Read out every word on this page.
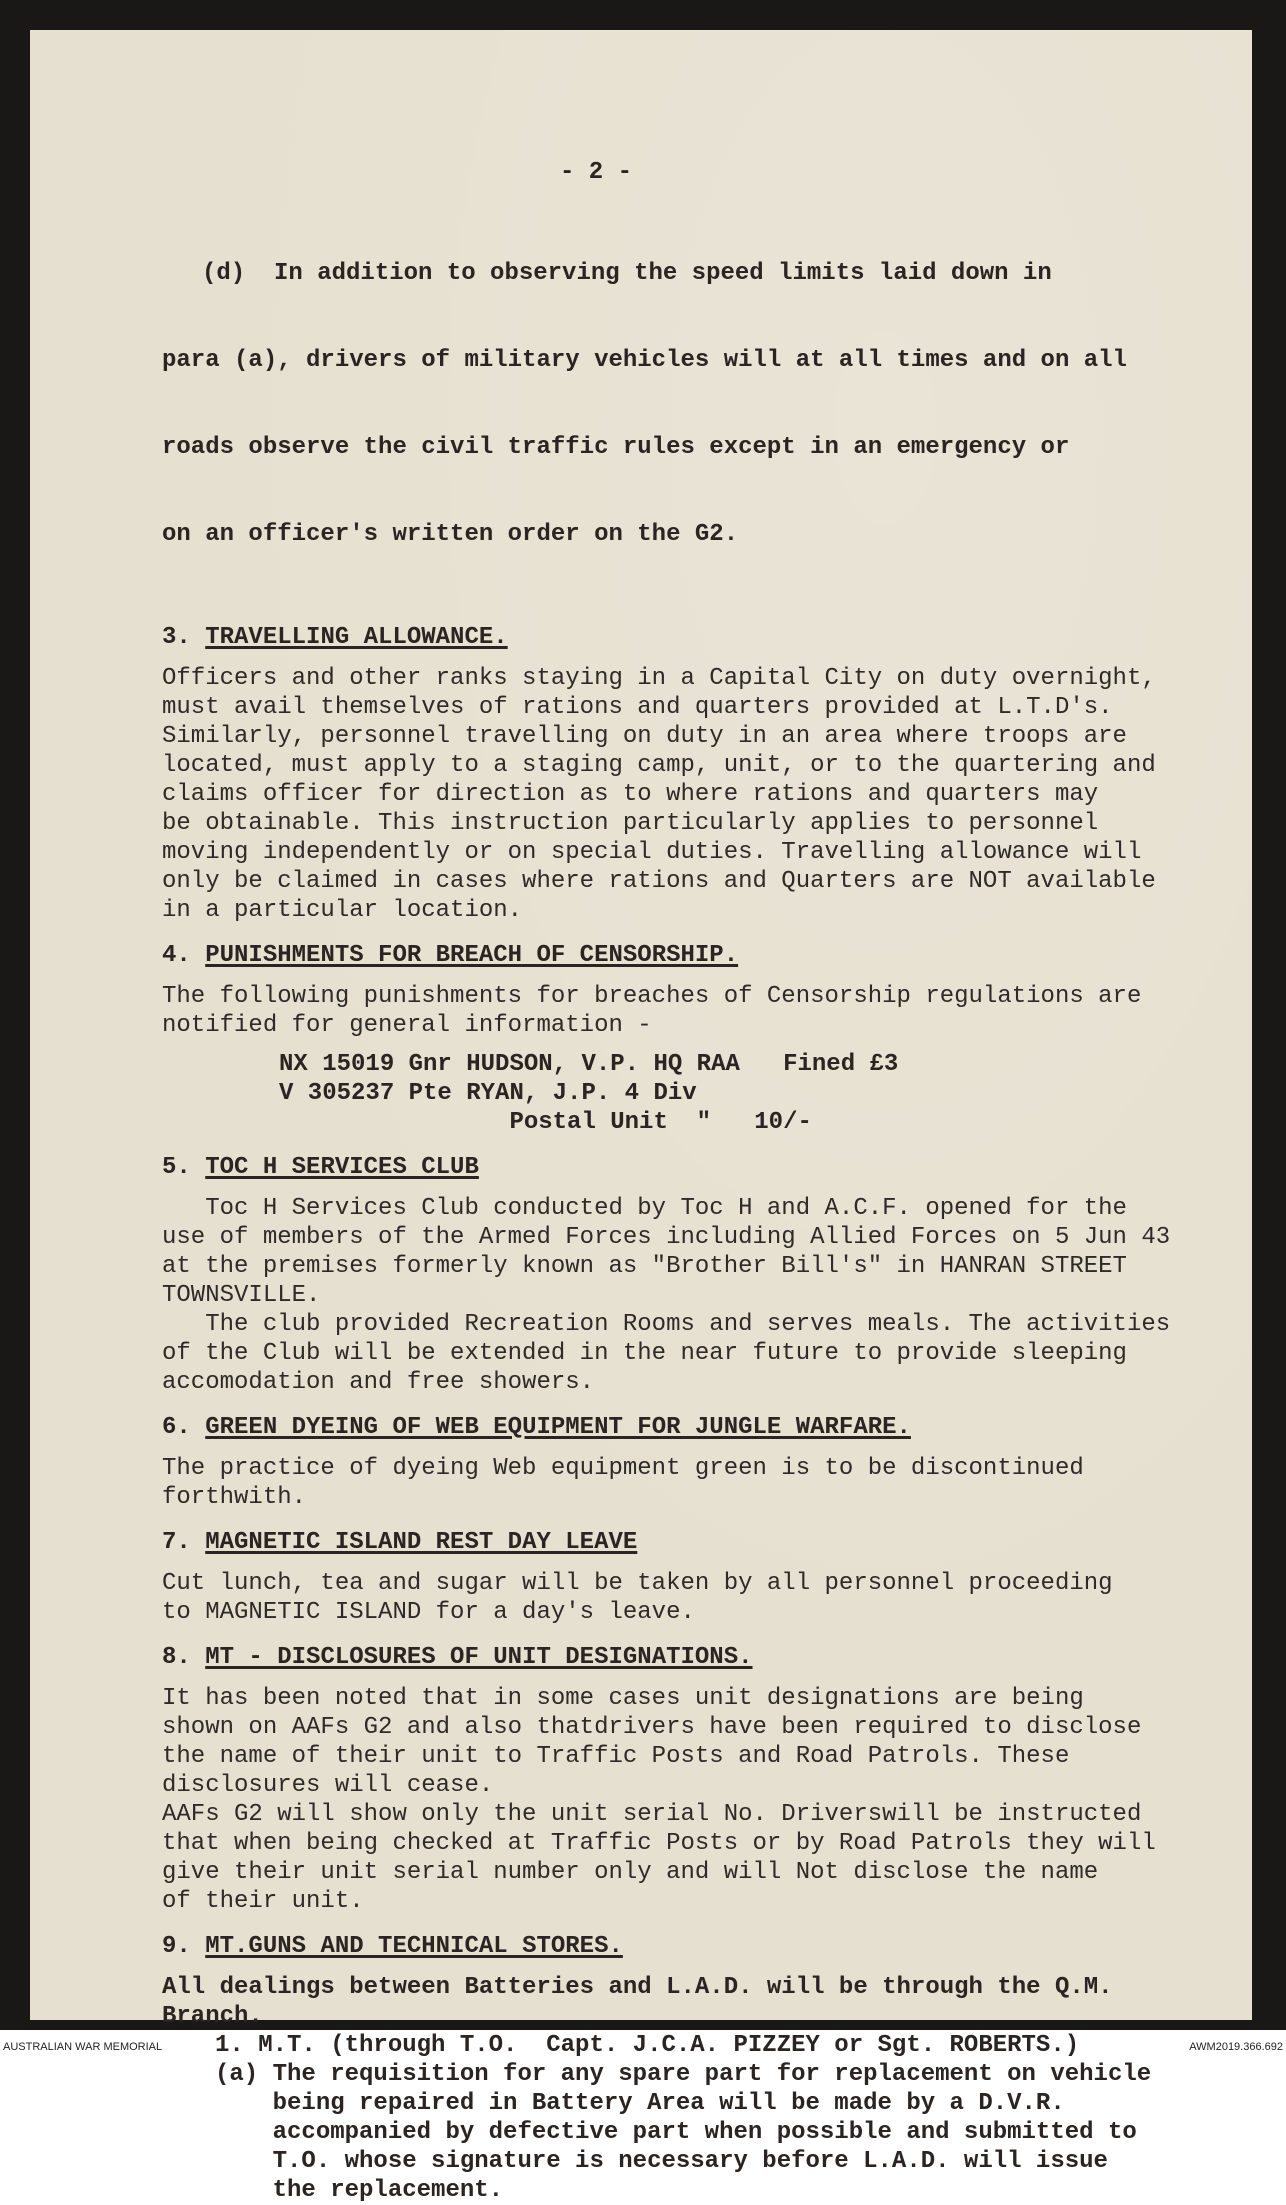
- 2 -

(d)  In addition to observing the speed limits laid down in

para (a), drivers of military vehicles will at all times and on all

roads observe the civil traffic rules except in an emergency or

on an officer's written order on the G2.

3. TRAVELLING ALLOWANCE.
Officers and other ranks staying in a Capital City on duty overnight,
must avail themselves of rations and quarters provided at L.T.D's.
Similarly, personnel travelling on duty in an area where troops are
located, must apply to a staging camp, unit, or to the quartering and
claims officer for direction as to where rations and quarters may
be obtainable. This instruction particularly applies to personnel
moving independently or on special duties. Travelling allowance will
only be claimed in cases where rations and Quarters are NOT available
in a particular location.
4. PUNISHMENTS FOR BREACH OF CENSORSHIP.
The following punishments for breaches of Censorship regulations are
notified for general information -
NX 15019 Gnr HUDSON, V.P. HQ RAA   Fined £3
V 305237 Pte RYAN, J.P. 4 Div
Postal Unit  "   10/-
5. TOC H SERVICES CLUB
Toc H Services Club conducted by Toc H and A.C.F. opened for the
use of members of the Armed Forces including Allied Forces on 5 Jun 43
at the premises formerly known as "Brother Bill's" in HANRAN STREET
TOWNSVILLE.
The club provided Recreation Rooms and serves meals. The activities
of the Club will be extended in the near future to provide sleeping
accomodation and free showers.
6. GREEN DYEING OF WEB EQUIPMENT FOR JUNGLE WARFARE.
The practice of dyeing Web equipment green is to be discontinued
forthwith.
7. MAGNETIC ISLAND REST DAY LEAVE
Cut lunch, tea and sugar will be taken by all personnel proceeding
to MAGNETIC ISLAND for a day's leave.
8. MT - DISCLOSURES OF UNIT DESIGNATIONS.
It has been noted that in some cases unit designations are being
shown on AAFs G2 and also thatdrivers have been required to disclose
the name of their unit to Traffic Posts and Road Patrols. These
disclosures will cease.
AAFs G2 will show only the unit serial No. Driverswill be instructed
that when being checked at Traffic Posts or by Road Patrols they will
give their unit serial number only and will Not disclose the name
of their unit.
9. MT.GUNS AND TECHNICAL STORES.
All dealings between Batteries and L.A.D. will be through the Q.M.
Branch.
1. M.T. (through T.O.  Capt. J.C.A. PIZZEY or Sgt. ROBERTS.)
(a) The requisition for any spare part for replacement on vehicle
being repaired in Battery Area will be made by a D.V.R.
accompanied by defective part when possible and submitted to
T.O. whose signature is necessary before L.A.D. will issue
the replacement.
AUSTRALIAN WAR MEMORIAL	AWM2019.366.692
